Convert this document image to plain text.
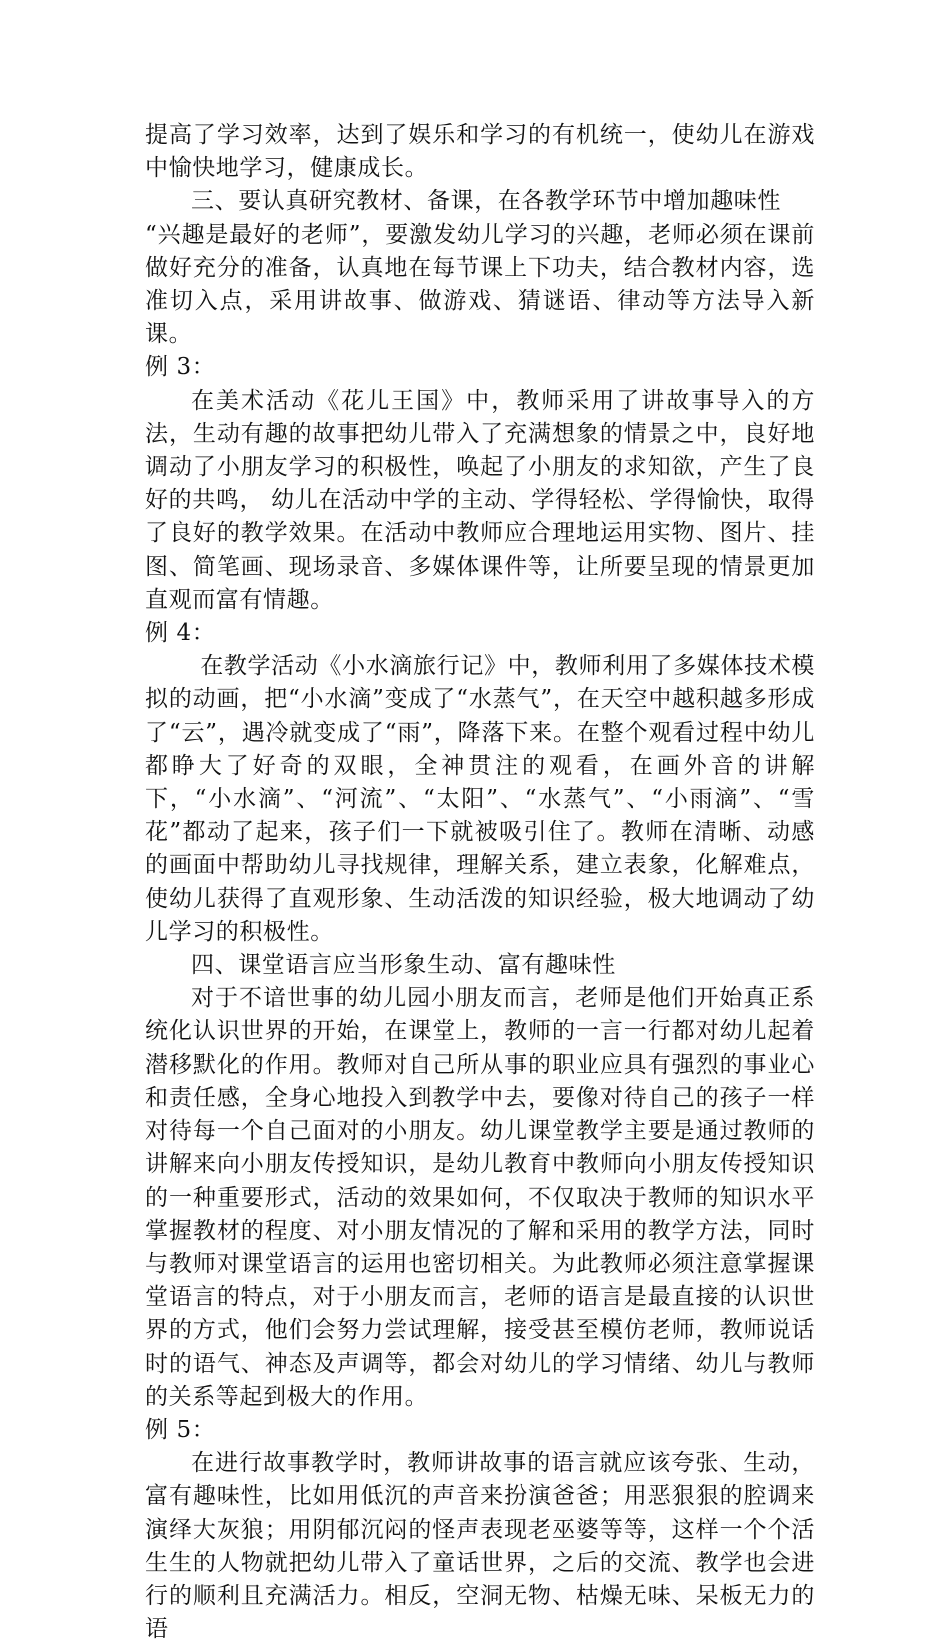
提高了学习效率，达到了娱乐和学习的有机统一，使幼儿在游戏中愉快地学习，健康成长。

三、要认真研究教材、备课，在各教学环节中增加趣味性

“兴趣是最好的老师”，要激发幼儿学习的兴趣，老师必须在课前做好充分的准备，认真地在每节课上下功夫，结合教材内容，选准切入点，采用讲故事、做游戏、猜谜语、律动等方法导入新课。

例 3：

在美术活动《花儿王国》中，教师采用了讲故事导入的方法，生动有趣的故事把幼儿带入了充满想象的情景之中，良好地调动了小朋友学习的积极性，唤起了小朋友的求知欲，产生了良好的共鸣， 幼儿在活动中学的主动、学得轻松、学得愉快，取得了良好的教学效果。在活动中教师应合理地运用实物、图片、挂图、简笔画、现场录音、多媒体课件等，让所要呈现的情景更加直观而富有情趣。

例 4：

在教学活动《小水滴旅行记》中，教师利用了多媒体技术模拟的动画，把“小水滴”变成了“水蒸气”，在天空中越积越多形成了“云”，遇冷就变成了“雨”，降落下来。在整个观看过程中幼儿都睁大了好奇的双眼，全神贯注的观看，在画外音的讲解下，“小水滴”、“河流”、“太阳”、“水蒸气”、“小雨滴”、“雪花”都动了起来，孩子们一下就被吸引住了。教师在清晰、动感的画面中帮助幼儿寻找规律，理解关系，建立表象，化解难点，使幼儿获得了直观形象、生动活泼的知识经验，极大地调动了幼儿学习的积极性。

四、课堂语言应当形象生动、富有趣味性

对于不谙世事的幼儿园小朋友而言，老师是他们开始真正系统化认识世界的开始，在课堂上，教师的一言一行都对幼儿起着潜移默化的作用。教师对自己所从事的职业应具有强烈的事业心和责任感，全身心地投入到教学中去，要像对待自己的孩子一样对待每一个自己面对的小朋友。幼儿课堂教学主要是通过教师的讲解来向小朋友传授知识，是幼儿教育中教师向小朋友传授知识的一种重要形式，活动的效果如何，不仅取决于教师的知识水平掌握教材的程度、对小朋友情况的了解和采用的教学方法，同时与教师对课堂语言的运用也密切相关。为此教师必须注意掌握课堂语言的特点，对于小朋友而言，老师的语言是最直接的认识世界的方式，他们会努力尝试理解，接受甚至模仿老师，教师说话时的语气、神态及声调等，都会对幼儿的学习情绪、幼儿与教师的关系等起到极大的作用。

例 5：

在进行故事教学时，教师讲故事的语言就应该夸张、生动，富有趣味性，比如用低沉的声音来扮演爸爸；用恶狠狠的腔调来演绎大灰狼；用阴郁沉闷的怪声表现老巫婆等等，这样一个个活生生的人物就把幼儿带入了童话世界，之后的交流、教学也会进行的顺利且充满活力。相反，空洞无物、枯燥无味、呆板无力的语
